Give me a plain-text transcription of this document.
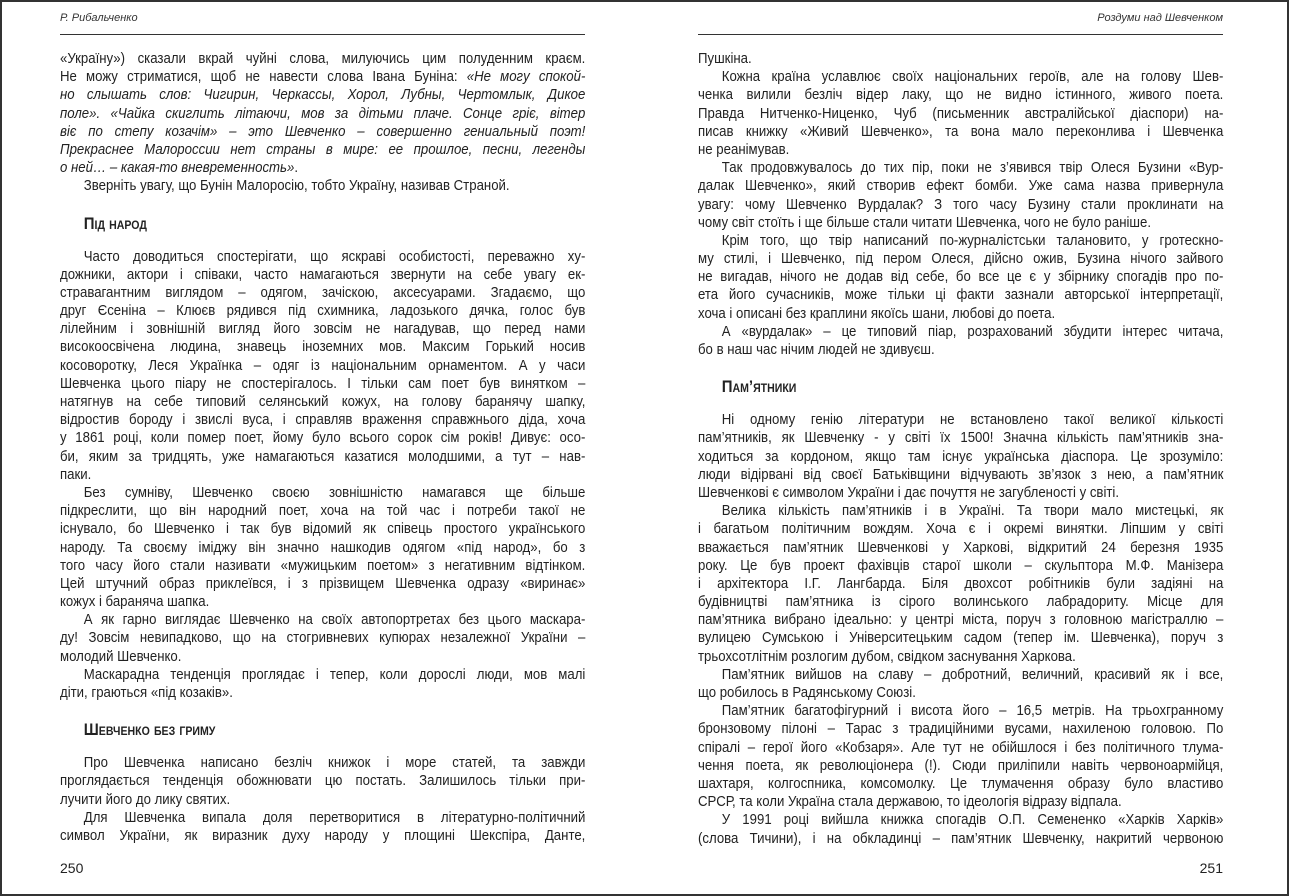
Р. Рибальченко
«Україну») сказали вкрай чуйні слова, милуючись цим полуденним краєм.
Не можу стриматися, щоб не навести слова Івана Буніна: «Не могу спокой-
но слышать слов: Чигирин, Черкассы, Хорол, Лубны, Чертомлык, Дикое
поле». «Чайка скиглить літаючи, мов за дітьми плаче. Сонце гріє, вітер
віє по степу козачім» – это Шевченко – совершенно гениальный поэт!
Прекраснее Малороссии нет страны в мире: ее прошлое, песни, легенды
о ней… – какая-то вневременность».
Зверніть увагу, що Бунін Малоросію, тобто Україну, називав Страной.
Під народ
Часто доводиться спостерігати, що яскраві особистості, переважно ху-
дожники, актори і співаки, часто намагаються звернути на себе увагу ек-
стравагантним виглядом – одягом, зачіскою, аксесуарами. Згадаємо, що
друг Єсеніна – Клюєв рядився під схимника, ладозького дячка, голос був
лілейним і зовнішній вигляд його зовсім не нагадував, що перед нами
високоосвічена людина, знавець іноземних мов. Максим Горький носив
косоворотку, Леся Українка – одяг із національним орнаментом. А у часи
Шевченка цього піару не спостерігалось. І тільки сам поет був винятком –
натягнув на себе типовий селянський кожух, на голову баранячу шапку,
відростив бороду і звислі вуса, і справляв враження справжнього діда, хоча
у 1861 році, коли помер поет, йому було всього сорок сім років! Дивує: осо-
би, яким за тридцять, уже намагаються казатися молодшими, а тут – нав-
паки.
Без сумніву, Шевченко своєю зовнішністю намагався ще більше
підкреслити, що він народний поет, хоча на той час і потреби такої не
існувало, бо Шевченко і так був відомий як співець простого українського
народу. Та своєму іміджу він значно нашкодив одягом «під народ», бо з
того часу його стали називати «мужицьким поетом» з негативним відтінком.
Цей штучний образ приклеївся, і з прізвищем Шевченка одразу «виринає»
кожух і бараняча шапка.
А як гарно виглядає Шевченко на своїх автопортретах без цього маскара-
ду! Зовсім невипадково, що на стогривневих купюрах незалежної України –
молодий Шевченко.
Маскарадна тенденція проглядає і тепер, коли дорослі люди, мов малі
діти, граються «під козаків».
Шевченко без гриму
Про Шевченка написано безліч книжок і море статей, та завжди
проглядається тенденція обожнювати цю постать. Залишилось тільки при-
лучити його до лику святих.
Для Шевченка випала доля перетворитися в літературно-політичний
символ України, як виразник духу народу у площині Шекспіра, Данте,
250
Роздуми над Шевченком
Пушкіна.
Кожна країна уславлює своїх національних героїв, але на голову Шев-
ченка вилили безліч відер лаку, що не видно істинного, живого поета.
Правда Нитченко-Ниценко, Чуб (письменник австралійської діаспори) на-
писав книжку «Живий Шевченко», та вона мало переконлива і Шевченка
не реанімував.
Так продовжувалось до тих пір, поки не з’явився твір Олеся Бузини «Вур-
далак Шевченко», який створив ефект бомби. Уже сама назва привернула
увагу: чому Шевченко Вурдалак? З того часу Бузину стали проклинати на
чому світ стоїть і ще більше стали читати Шевченка, чого не було раніше.
Крім того, що твір написаний по-журналістськи талановито, у гротескно-
му стилі, і Шевченко, під пером Олеся, дійсно ожив, Бузина нічого зайвого
не вигадав, нічого не додав від себе, бо все це є у збірнику спогадів про по-
ета його сучасників, може тільки ці факти зазнали авторської інтерпретації,
хоча і описані без краплини якоїсь шани, любові до поета.
А «вурдалак» – це типовий піар, розрахований збудити інтерес читача,
бо в наш час нічим людей не здивуєш.
Пам’ятники
Ні одному генію літератури не встановлено такої великої кількості
пам’ятників, як Шевченку - у світі їх 1500! Значна кількість пам’ятників зна-
ходиться за кордоном, якщо там існує українська діаспора. Це зрозуміло:
люди відірвані від своєї Батьківщини відчувають зв’язок з нею, а пам’ятник
Шевченкові є символом України і дає почуття не загубленості у світі.
Велика кількість пам’ятників і в Україні. Та твори мало мистецькі, як
і багатьом політичним вождям. Хоча є і окремі винятки. Ліпшим у світі
вважається пам’ятник Шевченкові у Харкові, відкритий 24 березня 1935
року. Це був проект фахівців старої школи – скульптора М.Ф. Манізера
і архітектора І.Г. Лангбарда. Біля двохсот робітників були задіяні на
будівництві пам’ятника із сірого волинського лабрадориту. Місце для
пам’ятника вибрано ідеально: у центрі міста, поруч з головною магістраллю –
вулицею Сумською і Університецьким садом (тепер ім. Шевченка), поруч з
трьохсотлітнім розлогим дубом, свідком заснування Харкова.
Пам’ятник вийшов на славу – добротний, величний, красивий як і все,
що робилось в Радянському Союзі.
Пам’ятник багатофігурний і висота його – 16,5 метрів. На трьохгранному
бронзовому пілоні – Тарас з традиційними вусами, нахиленою головою. По
спіралі – герої його «Кобзаря». Але тут не обійшлося і без політичного тлума-
чення поета, як революціонера (!). Сюди приліпили навіть червоноармійця,
шахтаря, колгоспника, комсомолку. Це тлумачення образу було властиво
СРСР, та коли Україна стала державою, то ідеологія відразу відпала.
У 1991 році вийшла книжка спогадів О.П. Семененко «Харків Харків»
(слова Тичини), і на обкладинці – пам’ятник Шевченку, накритий червоною
251
